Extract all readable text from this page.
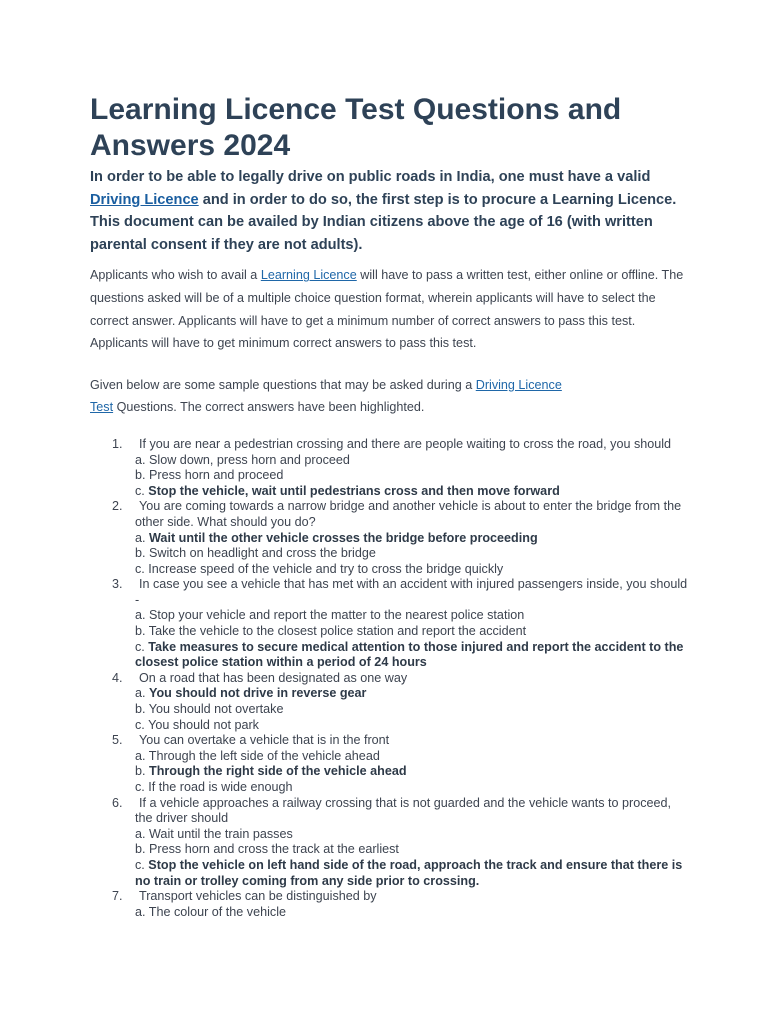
Learning Licence Test Questions and Answers 2024

In order to be able to legally drive on public roads in India, one must have a valid Driving Licence and in order to do so, the first step is to procure a Learning Licence. This document can be availed by Indian citizens above the age of 16 (with written parental consent if they are not adults).

Applicants who wish to avail a Learning Licence will have to pass a written test, either online or offline. The questions asked will be of a multiple choice question format, wherein applicants will have to select the correct answer. Applicants will have to get a minimum number of correct answers to pass this test. Applicants will have to get minimum correct answers to pass this test.

Given below are some sample questions that may be asked during a Driving Licence
Test Questions. The correct answers have been highlighted.

1.	If you are near a pedestrian crossing and there are people waiting to cross the road, you should
a. Slow down, press horn and proceed
b. Press horn and proceed
c. Stop the vehicle, wait until pedestrians cross and then move forward
2.	You are coming towards a narrow bridge and another vehicle is about to enter the bridge from the other side. What should you do?
a. Wait until the other vehicle crosses the bridge before proceeding
b. Switch on headlight and cross the bridge
c. Increase speed of the vehicle and try to cross the bridge quickly
3.	In case you see a vehicle that has met with an accident with injured passengers inside, you should -
a. Stop your vehicle and report the matter to the nearest police station
b. Take the vehicle to the closest police station and report the accident
c. Take measures to secure medical attention to those injured and report the accident to the closest police station within a period of 24 hours
4.	On a road that has been designated as one way
a. You should not drive in reverse gear
b. You should not overtake
c. You should not park
5.	You can overtake a vehicle that is in the front
a. Through the left side of the vehicle ahead
b. Through the right side of the vehicle ahead
c. If the road is wide enough
6.	If a vehicle approaches a railway crossing that is not guarded and the vehicle wants to proceed, the driver should
a. Wait until the train passes
b. Press horn and cross the track at the earliest
c. Stop the vehicle on left hand side of the road, approach the track and ensure that there is no train or trolley coming from any side prior to crossing.
7.	Transport vehicles can be distinguished by
a. The colour of the vehicle
